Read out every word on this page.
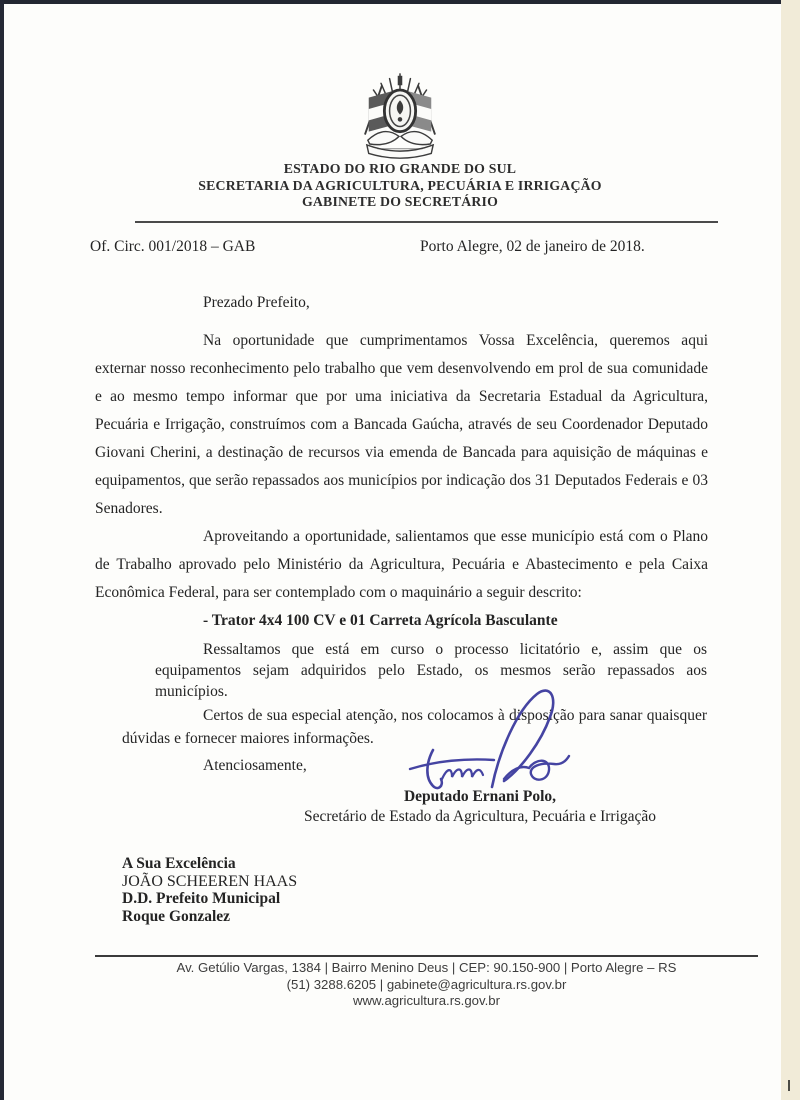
ESTADO DO RIO GRANDE DO SUL
SECRETARIA DA AGRICULTURA, PECUÁRIA E IRRIGAÇÃO
GABINETE DO SECRETÁRIO
Of. Circ. 001/2018 – GAB	Porto Alegre, 02 de janeiro de 2018.
Prezado Prefeito,

Na oportunidade que cumprimentamos Vossa Excelência, queremos aqui externar nosso reconhecimento pelo trabalho que vem desenvolvendo em prol de sua comunidade e ao mesmo tempo informar que por uma iniciativa da Secretaria Estadual da Agricultura, Pecuária e Irrigação, construímos com a Bancada Gaúcha, através de seu Coordenador Deputado Giovani Cherini, a destinação de recursos via emenda de Bancada para aquisição de máquinas e equipamentos, que serão repassados aos municípios por indicação dos 31 Deputados Federais e 03 Senadores.

Aproveitando a oportunidade, salientamos que esse município está com o Plano de Trabalho aprovado pelo Ministério da Agricultura, Pecuária e Abastecimento e pela Caixa Econômica Federal, para ser contemplado com o maquinário a seguir descrito:

- Trator 4x4 100 CV e 01 Carreta Agrícola Basculante

Ressaltamos que está em curso o processo licitatório e, assim que os equipamentos sejam adquiridos pelo Estado, os mesmos serão repassados aos municípios.

Certos de sua especial atenção, nos colocamos à disposição para sanar quaisquer dúvidas e fornecer maiores informações.

Atenciosamente,
Deputado Ernani Polo,
Secretário de Estado da Agricultura, Pecuária e Irrigação
A Sua Excelência
JOÃO SCHEEREN HAAS
D.D. Prefeito Municipal
Roque Gonzalez
Av. Getúlio Vargas, 1384 | Bairro Menino Deus | CEP: 90.150-900 | Porto Alegre – RS
(51) 3288.6205 | gabinete@agricultura.rs.gov.br
www.agricultura.rs.gov.br
